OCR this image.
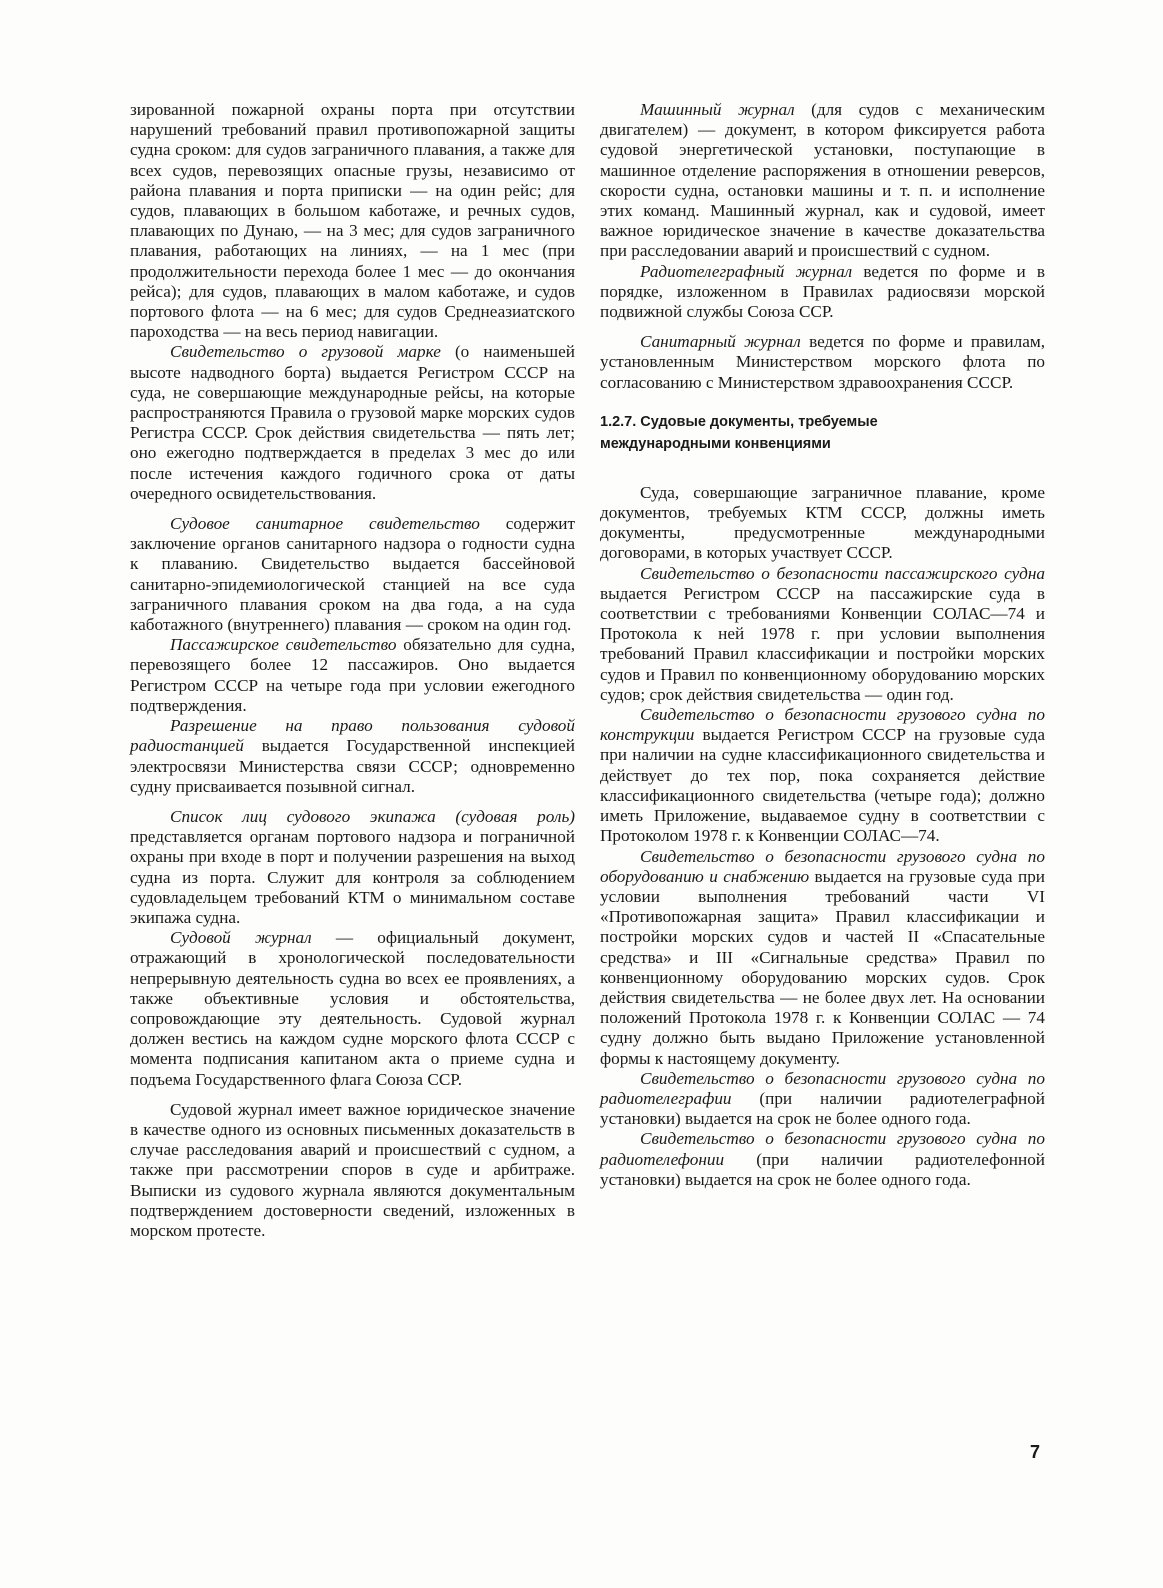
зированной пожарной охраны порта при отсутствии нарушений требований правил противопожарной защиты судна сроком: для судов заграничного плавания, а также для всех судов, перевозящих опасные грузы, независимо от района плавания и порта приписки — на один рейс; для судов, плавающих в большом каботаже, и речных судов, плавающих по Дунаю, — на 3 мес; для судов заграничного плавания, работающих на линиях, — на 1 мес (при продолжительности перехода более 1 мес — до окончания рейса); для судов, плавающих в малом каботаже, и судов портового флота — на 6 мес; для судов Среднеазиатского пароходства — на весь период навигации.

Свидетельство о грузовой марке (о наименьшей высоте надводного борта) выдается Регистром СССР на суда, не совершающие международные рейсы, на которые распространяются Правила о грузовой марке морских судов Регистра СССР. Срок действия свидетельства — пять лет; оно ежегодно подтверждается в пределах 3 мес до или после истечения каждого годичного срока от даты очередного освидетельствования.

Судовое санитарное свидетельство содержит заключение органов санитарного надзора о годности судна к плаванию. Свидетельство выдается бассейновой санитарно-эпидемиологической станцией на все суда заграничного плавания сроком на два года, а на суда каботажного (внутреннего) плавания — сроком на один год.

Пассажирское свидетельство обязательно для судна, перевозящего более 12 пассажиров. Оно выдается Регистром СССР на четыре года при условии ежегодного подтверждения.

Разрешение на право пользования судовой радиостанцией выдается Государственной инспекцией электросвязи Министерства связи СССР; одновременно судну присваивается позывной сигнал.

Список лиц судового экипажа (судовая роль) представляется органам портового надзора и пограничной охраны при входе в порт и получении разрешения на выход судна из порта. Служит для контроля за соблюдением судовладельцем требований КТМ о минимальном составе экипажа судна.

Судовой журнал — официальный документ, отражающий в хронологической последовательности непрерывную деятельность судна во всех ее проявлениях, а также объективные условия и обстоятельства, сопровождающие эту деятельность. Судовой журнал должен вестись на каждом судне морского флота СССР с момента подписания капитаном акта о приеме судна и подъема Государственного флага Союза ССР.

Судовой журнал имеет важное юридическое значение в качестве одного из основных письменных доказательств в случае расследования аварий и происшествий с судном, а также при рассмотрении споров в суде и арбитраже. Выписки из судового журнала являются документальным подтверждением достоверности сведений, изложенных в морском протесте.

Машинный журнал (для судов с механическим двигателем) — документ, в котором фиксируется работа судовой энергетической установки, поступающие в машинное отделение распоряжения в отношении реверсов, скорости судна, остановки машины и т. п. и исполнение этих команд. Машинный журнал, как и судовой, имеет важное юридическое значение в качестве доказательства при расследовании аварий и происшествий с судном.

Радиотелеграфный журнал ведется по форме и в порядке, изложенном в Правилах радиосвязи морской подвижной службы Союза ССР.

Санитарный журнал ведется по форме и правилам, установленным Министерством морского флота по согласованию с Министерством здравоохранения СССР.

1.2.7. Судовые документы, требуемые
международными конвенциями

Суда, совершающие заграничное плавание, кроме документов, требуемых КТМ СССР, должны иметь документы, предусмотренные международными договорами, в которых участвует СССР.

Свидетельство о безопасности пассажирского судна выдается Регистром СССР на пассажирские суда в соответствии с требованиями Конвенции СОЛАС—74 и Протокола к ней 1978 г. при условии выполнения требований Правил классификации и постройки морских судов и Правил по конвенционному оборудованию морских судов; срок действия свидетельства — один год.

Свидетельство о безопасности грузового судна по конструкции выдается Регистром СССР на грузовые суда при наличии на судне классификационного свидетельства и действует до тех пор, пока сохраняется действие классификационного свидетельства (четыре года); должно иметь Приложение, выдаваемое судну в соответствии с Протоколом 1978 г. к Конвенции СОЛАС—74.

Свидетельство о безопасности грузового судна по оборудованию и снабжению выдается на грузовые суда при условии выполнения требований части VI «Противопожарная защита» Правил классификации и постройки морских судов и частей II «Спасательные средства» и III «Сигнальные средства» Правил по конвенционному оборудованию морских судов. Срок действия свидетельства — не более двух лет. На основании положений Протокола 1978 г. к Конвенции СОЛАС — 74 судну должно быть выдано Приложение установленной формы к настоящему документу.

Свидетельство о безопасности грузового судна по радиотелеграфии (при наличии радиотелеграфной установки) выдается на срок не более одного года.

Свидетельство о безопасности грузового судна по радиотелефонии (при наличии радиотелефонной установки) выдается на срок не более одного года.

7
